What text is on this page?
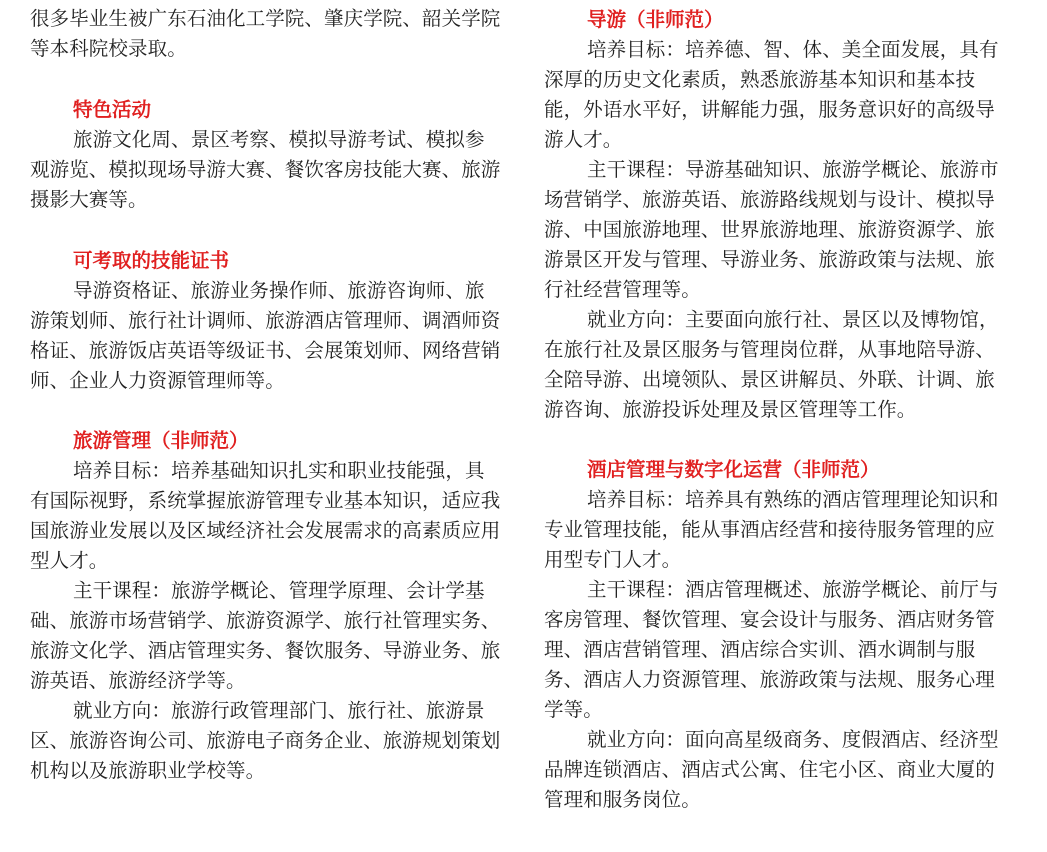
很多毕业生被广东石油化工学院、肇庆学院、韶关学院等本科院校录取。

特色活动

旅游文化周、景区考察、模拟导游考试、模拟参观游览、模拟现场导游大赛、餐饮客房技能大赛、旅游摄影大赛等。

可考取的技能证书

导游资格证、旅游业务操作师、旅游咨询师、旅游策划师、旅行社计调师、旅游酒店管理师、调酒师资格证、旅游饭店英语等级证书、会展策划师、网络营销师、企业人力资源管理师等。

旅游管理（非师范）

培养目标：培养基础知识扎实和职业技能强，具有国际视野，系统掌握旅游管理专业基本知识，适应我国旅游业发展以及区域经济社会发展需求的高素质应用型人才。

主干课程：旅游学概论、管理学原理、会计学基础、旅游市场营销学、旅游资源学、旅行社管理实务、旅游文化学、酒店管理实务、餐饮服务、导游业务、旅游英语、旅游经济学等。

就业方向：旅游行政管理部门、旅行社、旅游景区、旅游咨询公司、旅游电子商务企业、旅游规划策划机构以及旅游职业学校等。

导游（非师范）

培养目标：培养德、智、体、美全面发展，具有深厚的历史文化素质，熟悉旅游基本知识和基本技能，外语水平好，讲解能力强，服务意识好的高级导游人才。

主干课程：导游基础知识、旅游学概论、旅游市场营销学、旅游英语、旅游路线规划与设计、模拟导游、中国旅游地理、世界旅游地理、旅游资源学、旅游景区开发与管理、导游业务、旅游政策与法规、旅行社经营管理等。

就业方向：主要面向旅行社、景区以及博物馆，在旅行社及景区服务与管理岗位群，从事地陪导游、全陪导游、出境领队、景区讲解员、外联、计调、旅游咨询、旅游投诉处理及景区管理等工作。

酒店管理与数字化运营（非师范）

培养目标：培养具有熟练的酒店管理理论知识和专业管理技能，能从事酒店经营和接待服务管理的应用型专门人才。

主干课程：酒店管理概述、旅游学概论、前厅与客房管理、餐饮管理、宴会设计与服务、酒店财务管理、酒店营销管理、酒店综合实训、酒水调制与服务、酒店人力资源管理、旅游政策与法规、服务心理学等。

就业方向：面向高星级商务、度假酒店、经济型品牌连锁酒店、酒店式公寓、住宅小区、商业大厦的管理和服务岗位。
